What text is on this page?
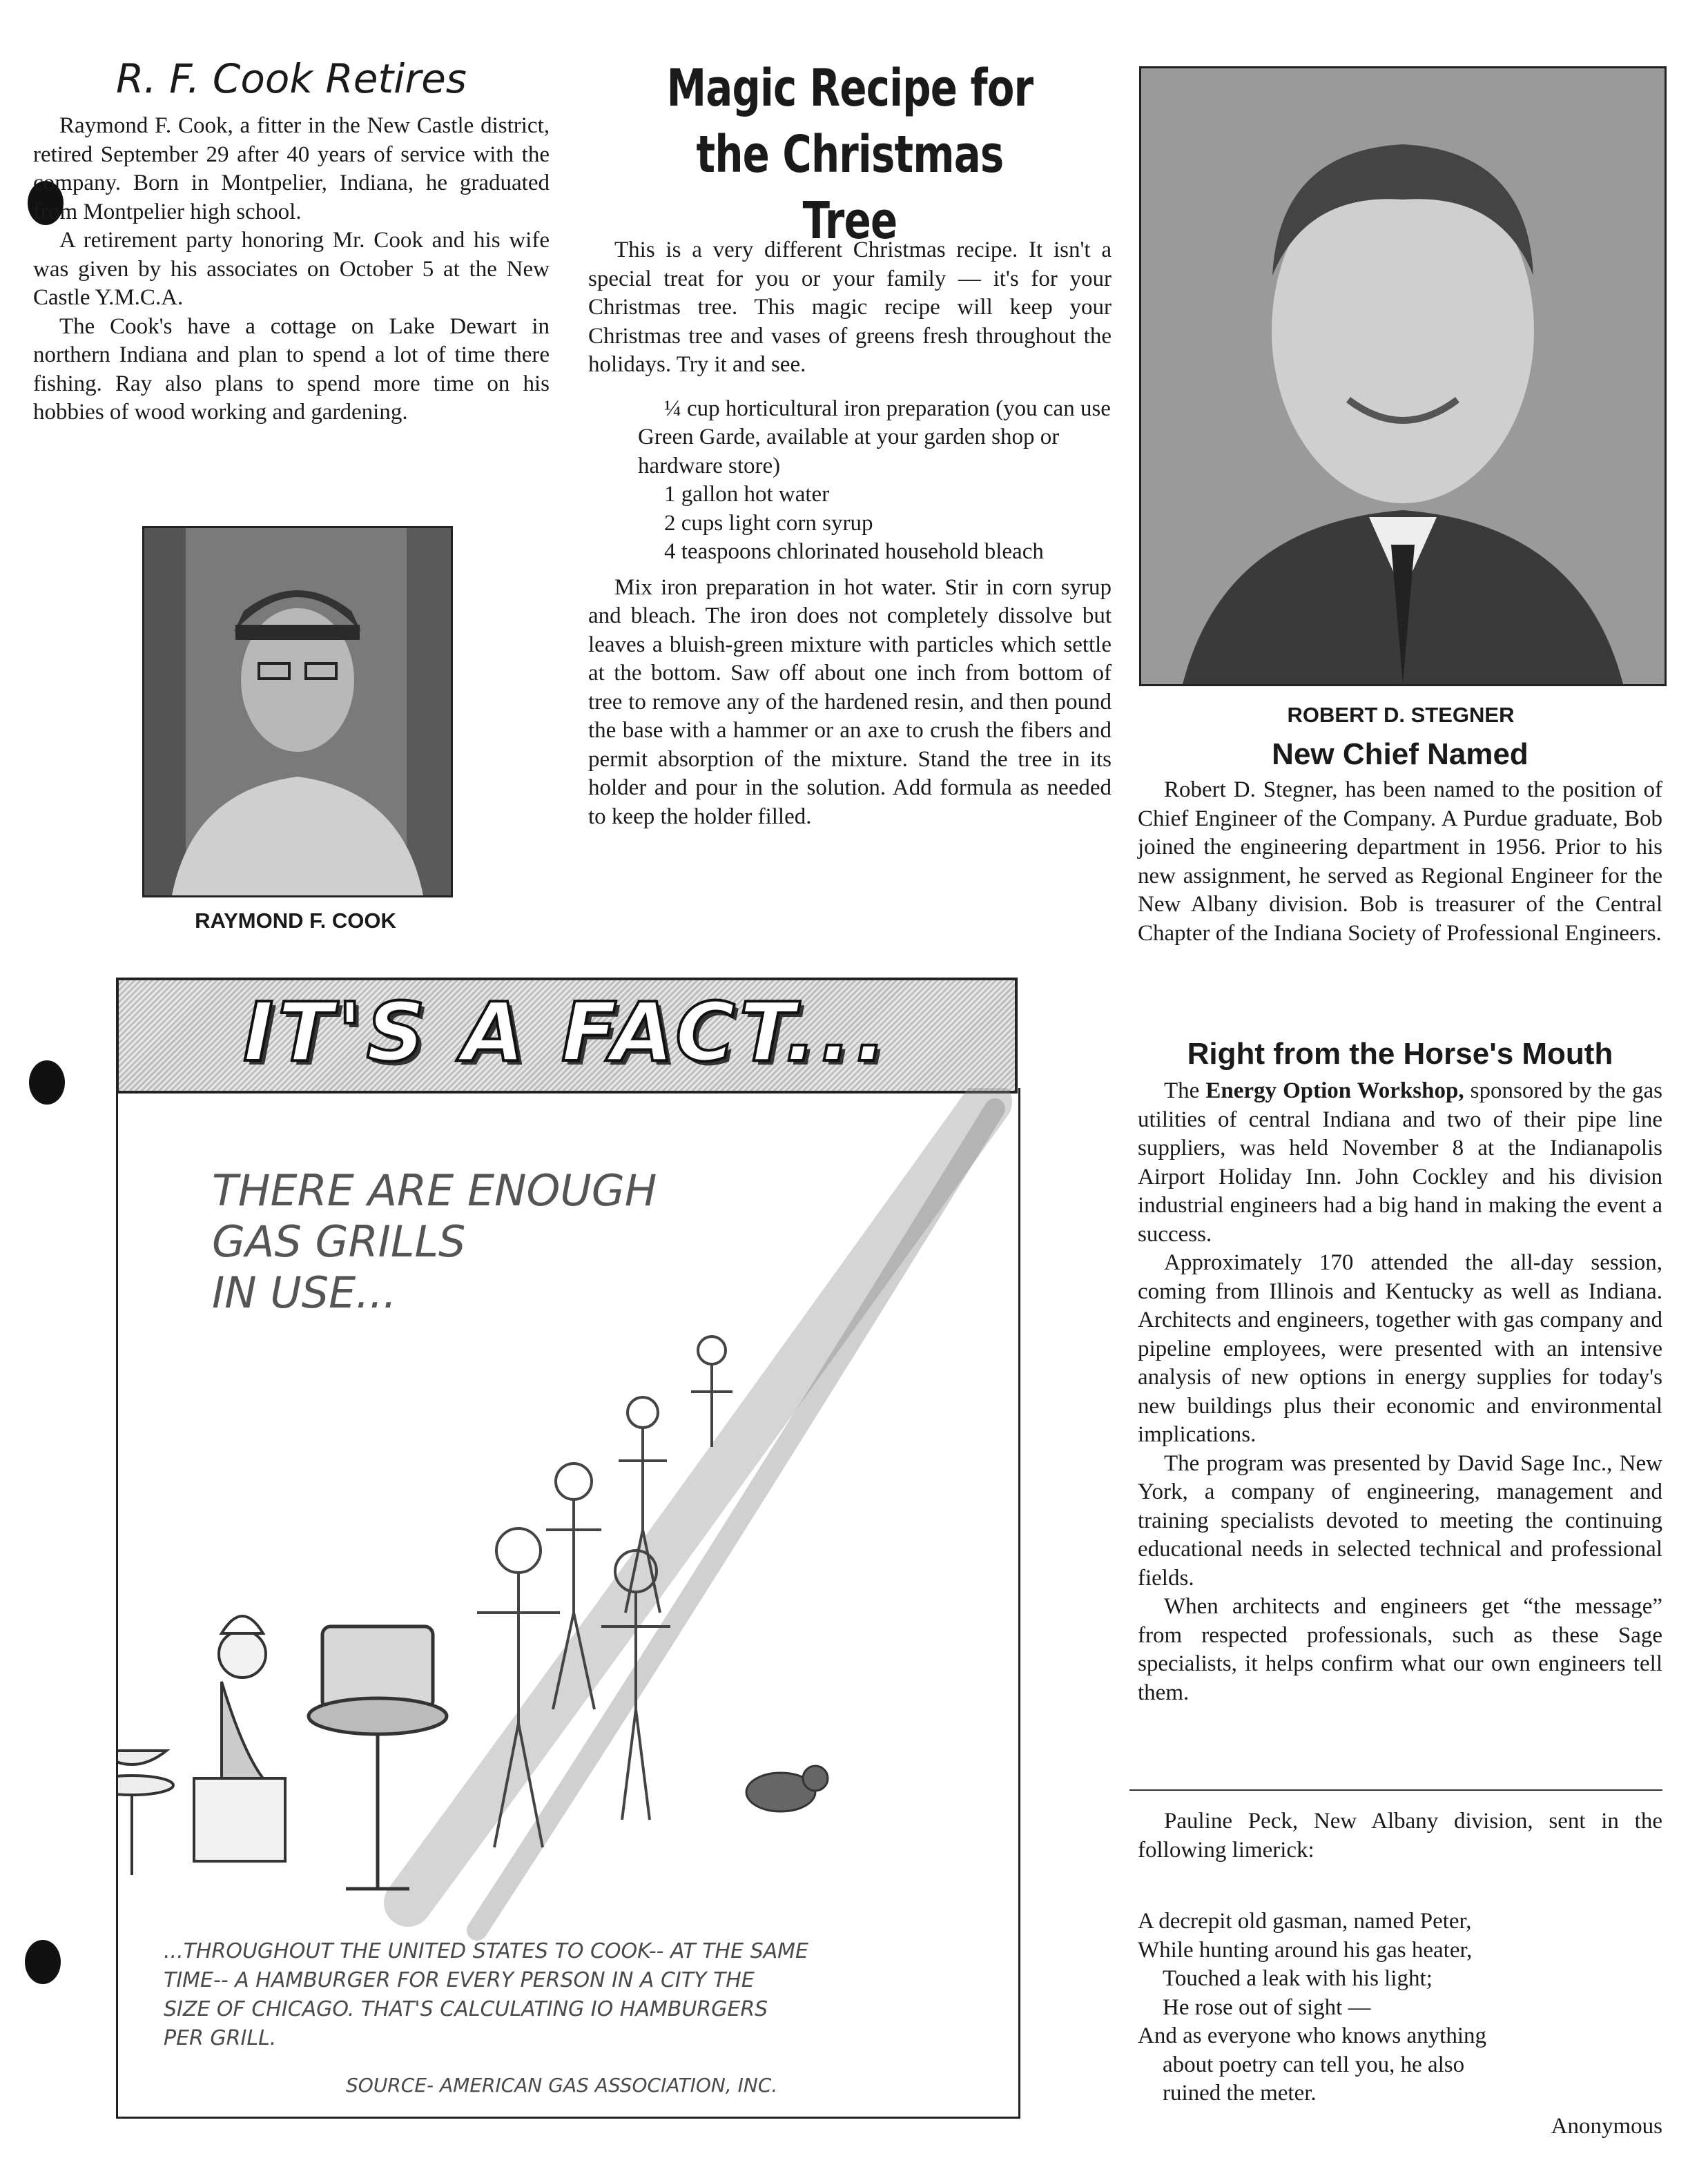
R. F. Cook Retires

Raymond F. Cook, a fitter in the New Castle district, retired September 29 after 40 years of service with the company. Born in Montpelier, Indiana, he graduated from Montpelier high school.

A retirement party honoring Mr. Cook and his wife was given by his associates on October 5 at the New Castle Y.M.C.A.

The Cook's have a cottage on Lake Dewart in northern Indiana and plan to spend a lot of time there fishing. Ray also plans to spend more time on his hobbies of wood working and gardening.

RAYMOND F. COOK
Magic Recipe for
the Christmas Tree

This is a very different Christmas recipe. It isn't a special treat for you or your family — it's for your Christmas tree. This magic recipe will keep your Christmas tree and vases of greens fresh throughout the holidays. Try it and see.

¼ cup horticultural iron preparation (you can use Green Garde, available at your garden shop or hardware store)

1 gallon hot water

2 cups light corn syrup

4 teaspoons chlorinated household bleach

Mix iron preparation in hot water. Stir in corn syrup and bleach. The iron does not completely dissolve but leaves a bluish-green mixture with particles which settle at the bottom. Saw off about one inch from bottom of tree to remove any of the hardened resin, and then pound the base with a hammer or an axe to crush the fibers and permit absorption of the mixture. Stand the tree in its holder and pour in the solution. Add formula as needed to keep the holder filled.

ROBERT D. STEGNER
New Chief Named

Robert D. Stegner, has been named to the position of Chief Engineer of the Company. A Purdue graduate, Bob joined the engineering department in 1956. Prior to his new assignment, he served as Regional Engineer for the New Albany division. Bob is treasurer of the Central Chapter of the Indiana Society of Professional Engineers.

Right from the Horse's Mouth

The Energy Option Workshop, sponsored by the gas utilities of central Indiana and two of their pipe line suppliers, was held November 8 at the Indianapolis Airport Holiday Inn. John Cockley and his division industrial engineers had a big hand in making the event a success.

Approximately 170 attended the all-day session, coming from Illinois and Kentucky as well as Indiana. Architects and engineers, together with gas company and pipeline employees, were presented with an intensive analysis of new options in energy supplies for today's new buildings plus their economic and environmental implications.

The program was presented by David Sage Inc., New York, a company of engineering, management and training specialists devoted to meeting the continuing educational needs in selected technical and professional fields.

When architects and engineers get “the message” from respected professionals, such as these Sage specialists, it helps confirm what our own engineers tell them.

Pauline Peck, New Albany division, sent in the following limerick:

A decrepit old gasman, named Peter,

While hunting around his gas heater,

Touched a leak with his light;

He rose out of sight —

And as everyone who knows anything

about poetry can tell you, he also

ruined the meter.

Anonymous
IT'S A FACT...
THERE ARE ENOUGH
GAS GRILLS
IN USE...
...THROUGHOUT THE UNITED STATES TO COOK-- AT THE SAME
TIME-- A HAMBURGER FOR EVERY PERSON IN A CITY THE
SIZE OF CHICAGO. THAT'S CALCULATING IO HAMBURGERS
PER GRILL.
SOURCE- AMERICAN GAS ASSOCIATION, INC.
